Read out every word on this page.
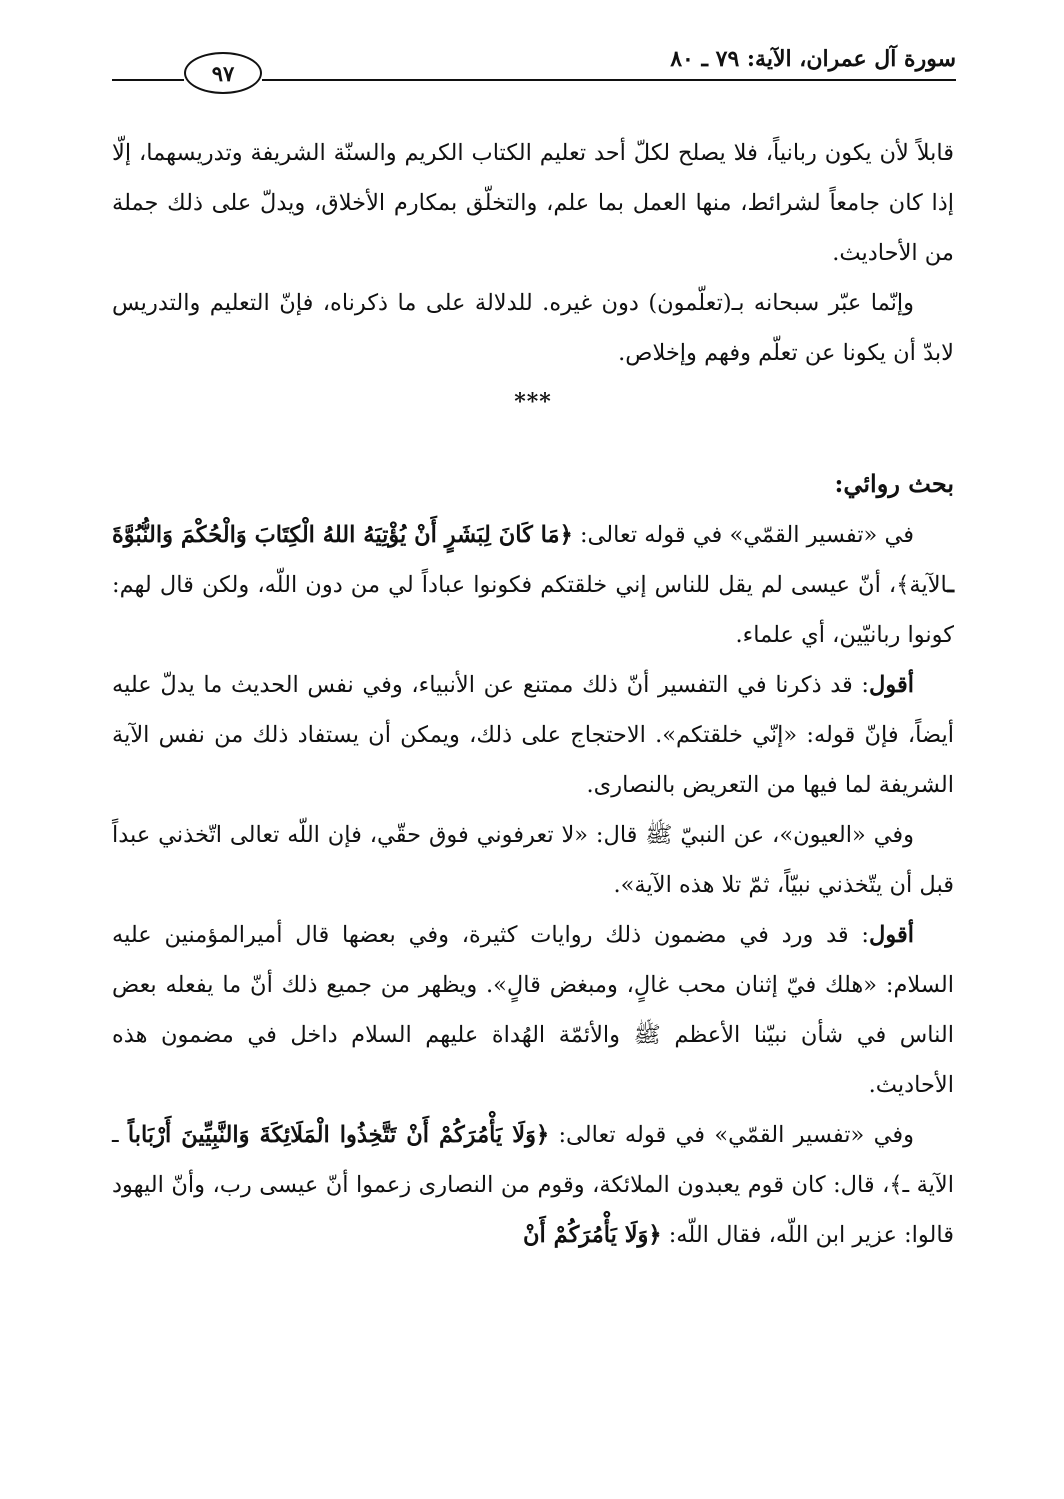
سورة آل عمران، الآية: ٧٩ ـ ٨٠
٩٧

قابلاً لأن يكون ربانياً، فلا يصلح لكلّ أحد تعليم الكتاب الكريم والسنّة الشريفة وتدريسهما، إلّا إذا كان جامعاً لشرائط، منها العمل بما علم، والتخلّق بمكارم الأخلاق، ويدلّ على ذلك جملة من الأحاديث.

وإنّما عبّر سبحانه بـ(تعلّمون) دون غيره. للدلالة على ما ذكرناه، فإنّ التعليم والتدريس لابدّ أن يكونا عن تعلّم وفهم وإخلاص.

***
بحث روائي:

في «تفسير القمّي» في قوله تعالى: ﴿مَا كَانَ لِبَشَرٍ أَنْ يُؤْتِيَهُ اللهُ الْكِتَابَ وَالْحُكْمَ وَالنُّبُوَّةَ ـالآية﴾، أنّ عيسى لم يقل للناس إني خلقتكم فكونوا عباداً لي من دون اللّه، ولكن قال لهم: كونوا ربانيّين، أي علماء.

أقول: قد ذكرنا في التفسير أنّ ذلك ممتنع عن الأنبياء، وفي نفس الحديث ما يدلّ عليه أيضاً، فإنّ قوله: «إنّي خلقتكم». الاحتجاج على ذلك، ويمكن أن يستفاد ذلك من نفس الآية الشريفة لما فيها من التعريض بالنصارى.

وفي «العيون»، عن النبيّ ﷺ قال: «لا تعرفوني فوق حقّي، فإن اللّه تعالى اتّخذني عبداً قبل أن يتّخذني نبيّاً، ثمّ تلا هذه الآية».

أقول: قد ورد في مضمون ذلك روايات كثيرة، وفي بعضها قال أميرالمؤمنين عليه السلام: «هلك فيّ إثنان محب غالٍ، ومبغض قالٍ». ويظهر من جميع ذلك أنّ ما يفعله بعض الناس في شأن نبيّنا الأعظم ﷺ والأئمّة الهُداة عليهم السلام داخل في مضمون هذه الأحاديث.

وفي «تفسير القمّي» في قوله تعالى: ﴿وَلَا يَأْمُرَكُمْ أَنْ تَتَّخِذُوا الْمَلَائِكَةَ وَالنَّبِيِّينَ أَرْبَاباً ـ الآية ـ﴾، قال: كان قوم يعبدون الملائكة، وقوم من النصارى زعموا أنّ عيسى رب، وأنّ اليهود قالوا: عزير ابن اللّه، فقال اللّه: ﴿وَلَا يَأْمُرَكُمْ أَنْ
